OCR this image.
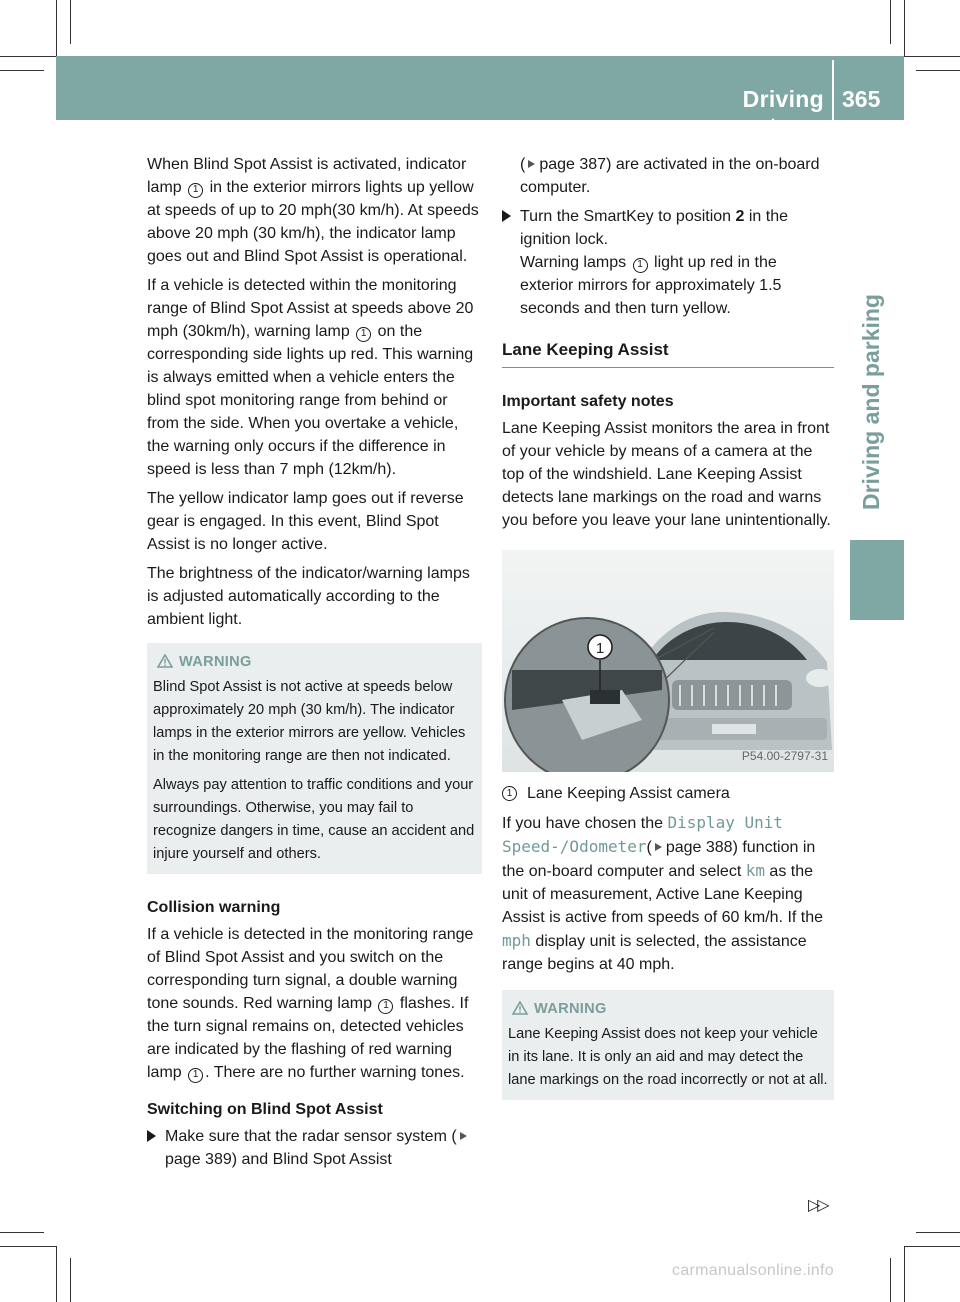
Driving systems
365
Driving and parking

When Blind Spot Assist is activated, indicator lamp 1 in the exterior mirrors lights up yellow at speeds of up to 20 mph(30 km/h). At speeds above 20 mph (30 km/h), the indicator lamp goes out and Blind Spot Assist is operational.

If a vehicle is detected within the monitoring range of Blind Spot Assist at speeds above 20 mph (30km/h), warning lamp 1 on the corresponding side lights up red. This warning is always emitted when a vehicle enters the blind spot monitoring range from behind or from the side. When you overtake a vehicle, the warning only occurs if the difference in speed is less than 7 mph (12km/h).

The yellow indicator lamp goes out if reverse gear is engaged. In this event, Blind Spot Assist is no longer active.

The brightness of the indicator/warning lamps is adjusted automatically according to the ambient light.

WARNING

Blind Spot Assist is not active at speeds below approximately 20 mph (30 km/h). The indicator lamps in the exterior mirrors are yellow. Vehicles in the monitoring range are then not indicated.

Always pay attention to traffic conditions and your surroundings. Otherwise, you may fail to recognize dangers in time, cause an accident and injure yourself and others.

Collision warning

If a vehicle is detected in the monitoring range of Blind Spot Assist and you switch on the corresponding turn signal, a double warning tone sounds. Red warning lamp 1 flashes. If the turn signal remains on, detected vehicles are indicated by the flashing of red warning lamp 1 . There are no further warning tones.

Switching on Blind Spot Assist
Make sure that the radar sensor system (page 389) and Blind Spot Assist

( page 387) are activated in the on-board computer.

Turn the SmartKey to position 2 in the ignition lock.
Warning lamps 1 light up red in the exterior mirrors for approximately 1.5 seconds and then turn yellow.
Lane Keeping Assist
Important safety notes

Lane Keeping Assist monitors the area in front of your vehicle by means of a camera at the top of the windshield. Lane Keeping Assist detects lane markings on the road and warns you before you leave your lane unintentionally.

1
P54.00-2797-31
1 Lane Keeping Assist camera

If you have chosen the Display Unit Speed-/Odometer( page 388) function in the on-board computer and select km as the unit of measurement, Active Lane Keeping Assist is active from speeds of 60 km/h. If the mph display unit is selected, the assistance range begins at 40 mph.

WARNING

Lane Keeping Assist does not keep your vehicle in its lane. It is only an aid and may detect the lane markings on the road incorrectly or not at all.

▷▷
carmanualsonline.info
